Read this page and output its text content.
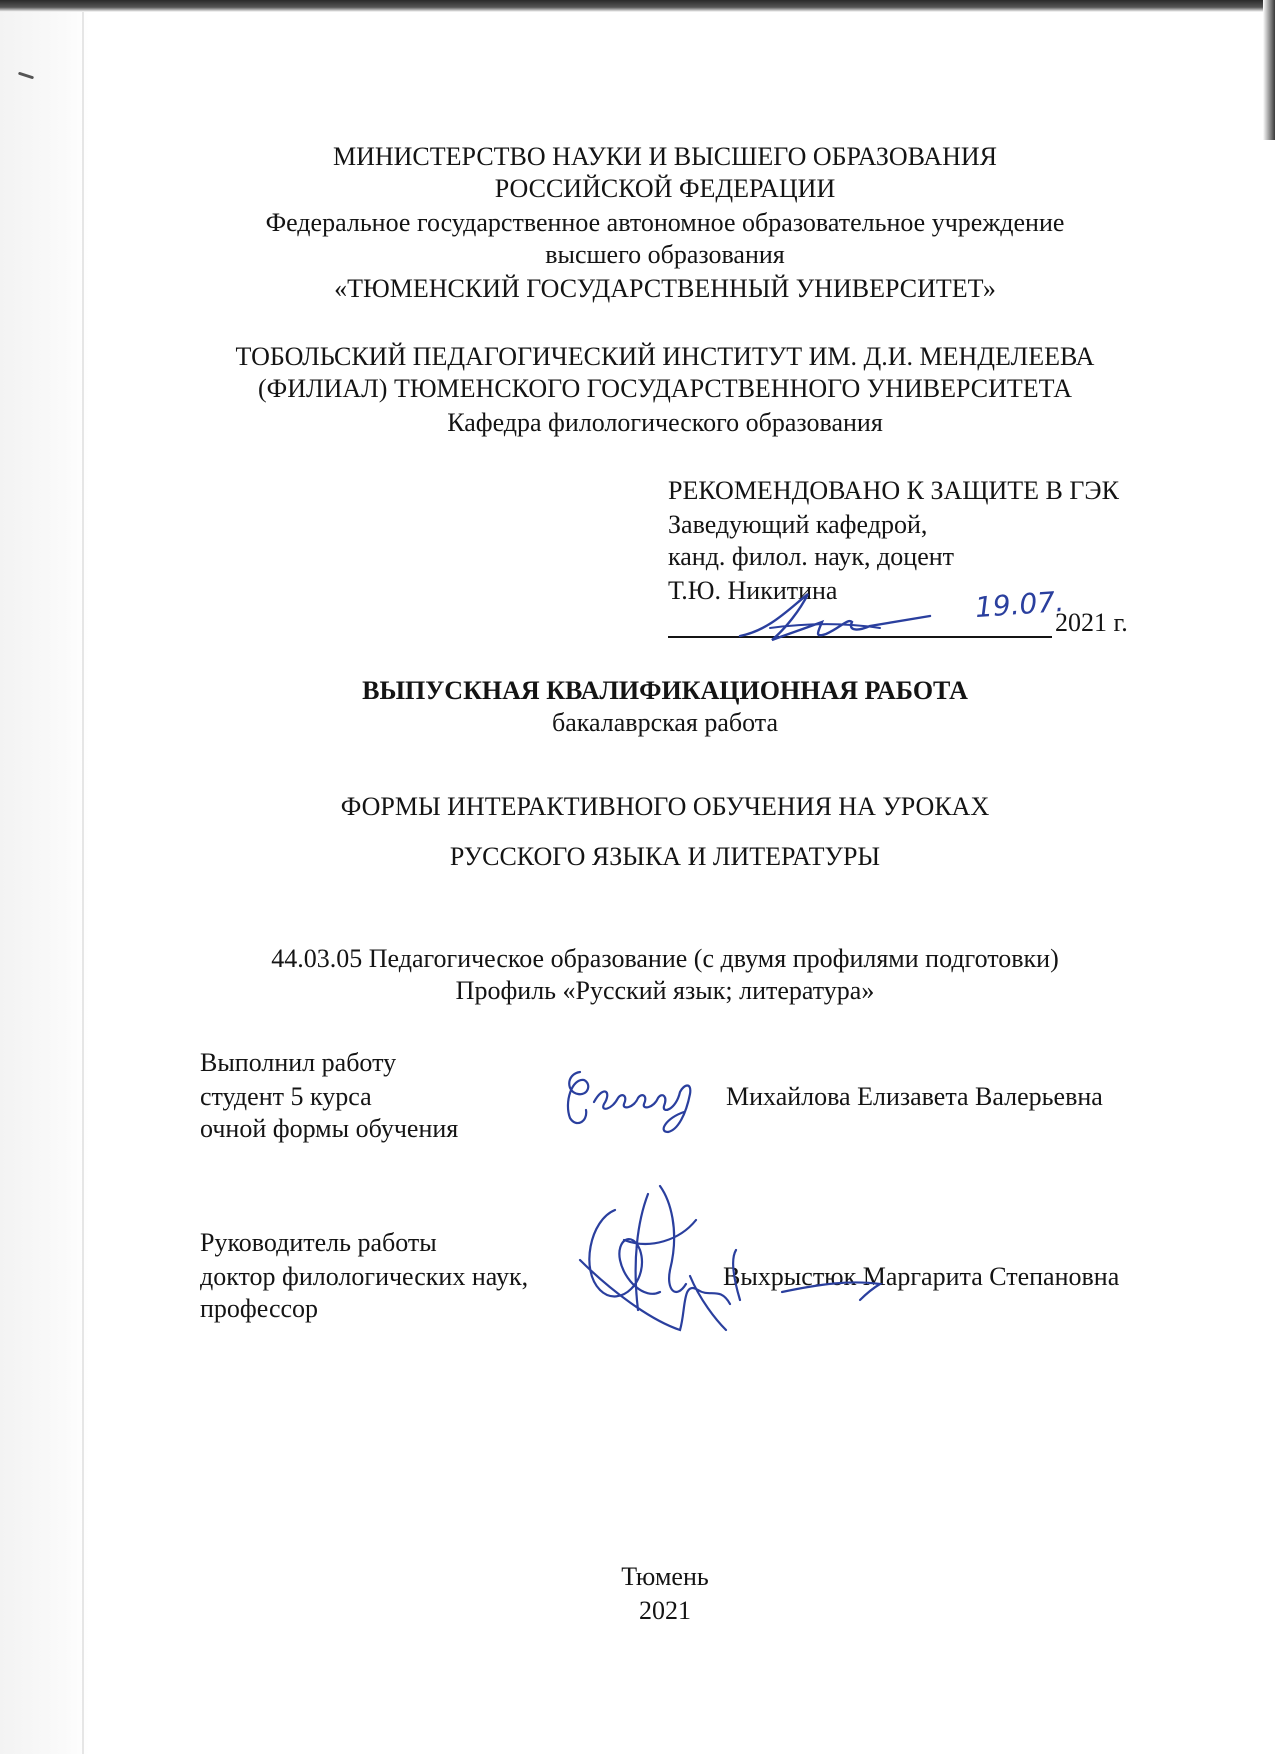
МИНИСТЕРСТВО НАУКИ И ВЫСШЕГО ОБРАЗОВАНИЯ
РОССИЙСКОЙ ФЕДЕРАЦИИ
Федеральное государственное автономное образовательное учреждение
высшего образования
«ТЮМЕНСКИЙ ГОСУДАРСТВЕННЫЙ УНИВЕРСИТЕТ»
ТОБОЛЬСКИЙ ПЕДАГОГИЧЕСКИЙ ИНСТИТУТ ИМ. Д.И. МЕНДЕЛЕЕВА
(ФИЛИАЛ) ТЮМЕНСКОГО ГОСУДАРСТВЕННОГО УНИВЕРСИТЕТА
Кафедра филологического образования
РЕКОМЕНДОВАНО К ЗАЩИТЕ В ГЭК
Заведующий кафедрой,
канд. филол. наук, доцент
Т.Ю. Никитина
2021 г.
19.07.
ВЫПУСКНАЯ КВАЛИФИКАЦИОННАЯ РАБОТА
бакалаврская работа
ФОРМЫ ИНТЕРАКТИВНОГО ОБУЧЕНИЯ НА УРОКАХ
РУССКОГО ЯЗЫКА И ЛИТЕРАТУРЫ
44.03.05 Педагогическое образование (с двумя профилями подготовки)
Профиль «Русский язык; литература»
Выполнил работу
студент 5 курса
очной формы обучения
Михайлова Елизавета Валерьевна
Руководитель работы
доктор филологических наук,
профессор
Выхрыстюк Маргарита Степановна
Тюмень
2021
